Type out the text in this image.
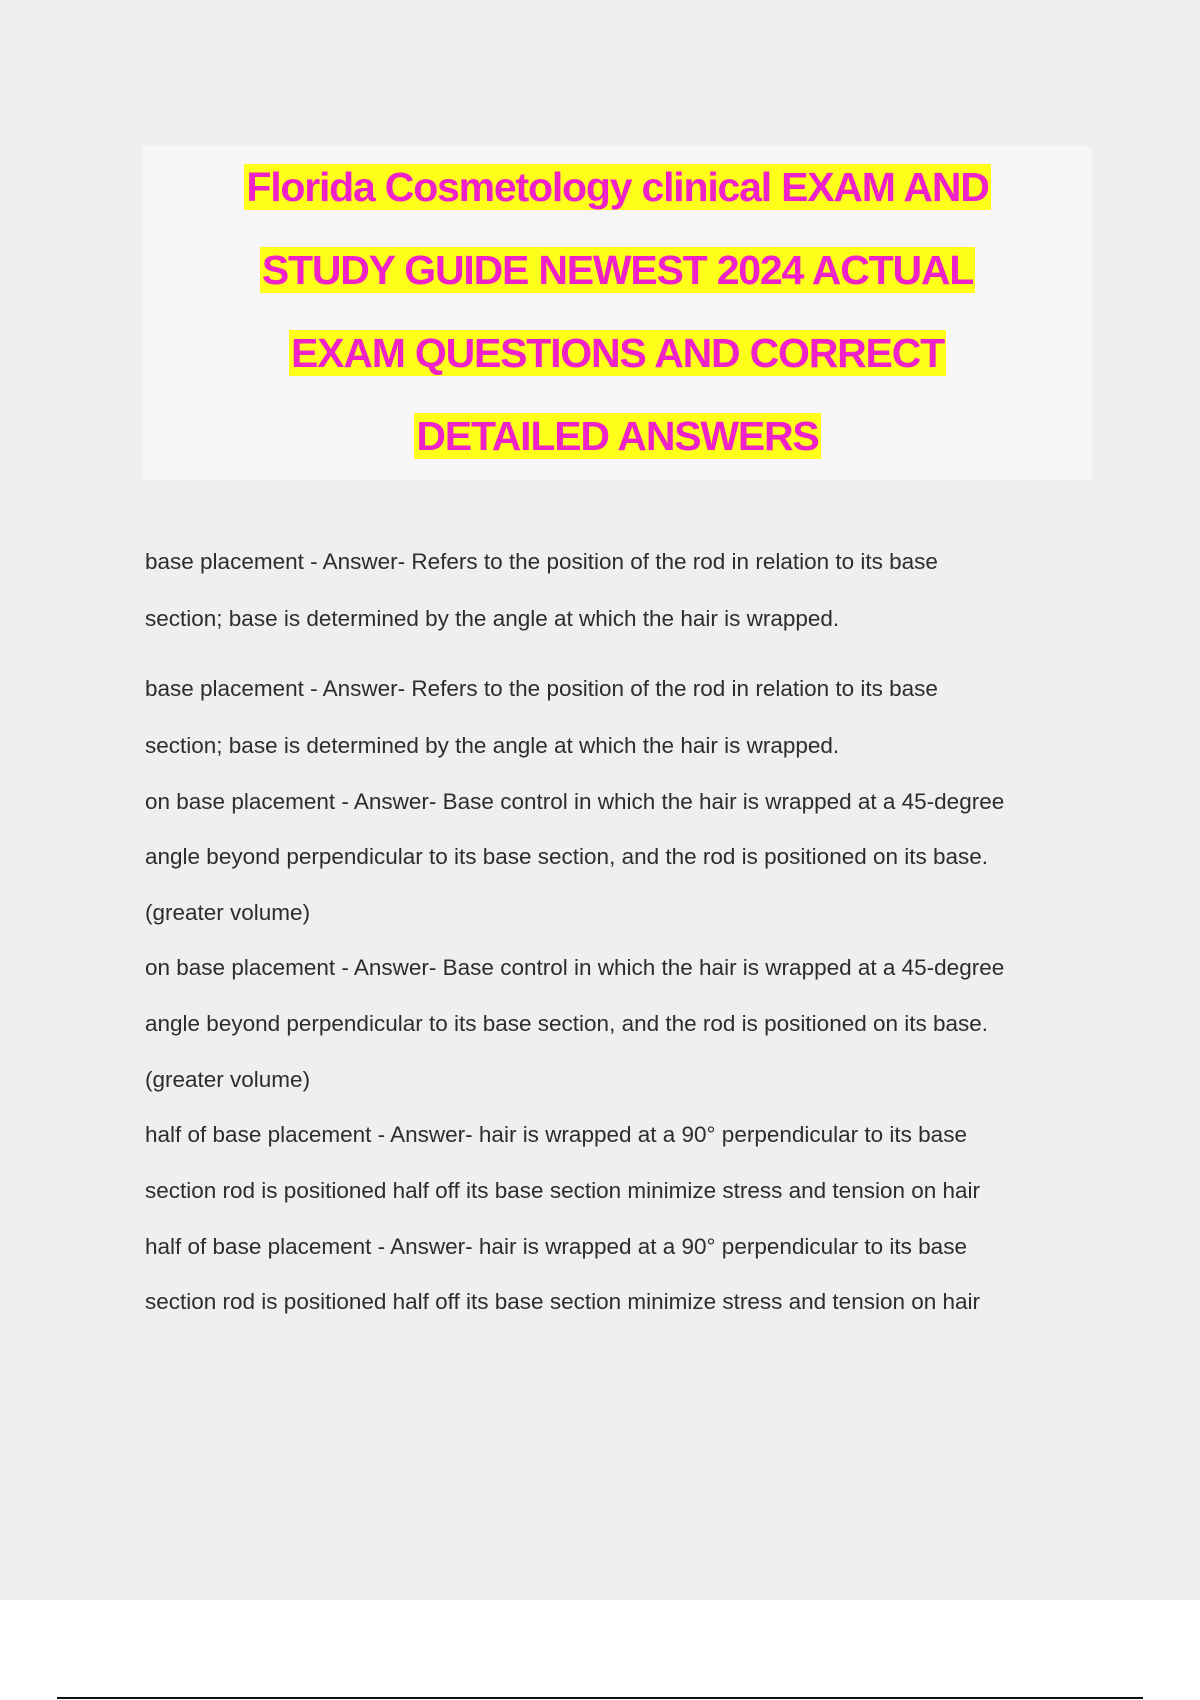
Florida Cosmetology clinical EXAM AND
STUDY GUIDE NEWEST 2024 ACTUAL
EXAM QUESTIONS AND CORRECT
DETAILED ANSWERS
base placement - Answer- Refers to the position of the rod in relation to its base
section; base is determined by the angle at which the hair is wrapped.
base placement - Answer- Refers to the position of the rod in relation to its base
section; base is determined by the angle at which the hair is wrapped.
on base placement - Answer- Base control in which the hair is wrapped at a 45-degree
angle beyond perpendicular to its base section, and the rod is positioned on its base.
(greater volume)
on base placement - Answer- Base control in which the hair is wrapped at a 45-degree
angle beyond perpendicular to its base section, and the rod is positioned on its base.
(greater volume)
half of base placement - Answer- hair is wrapped at a 90° perpendicular to its base
section rod is positioned half off its base section minimize stress and tension on hair
half of base placement - Answer- hair is wrapped at a 90° perpendicular to its base
section rod is positioned half off its base section minimize stress and tension on hair
